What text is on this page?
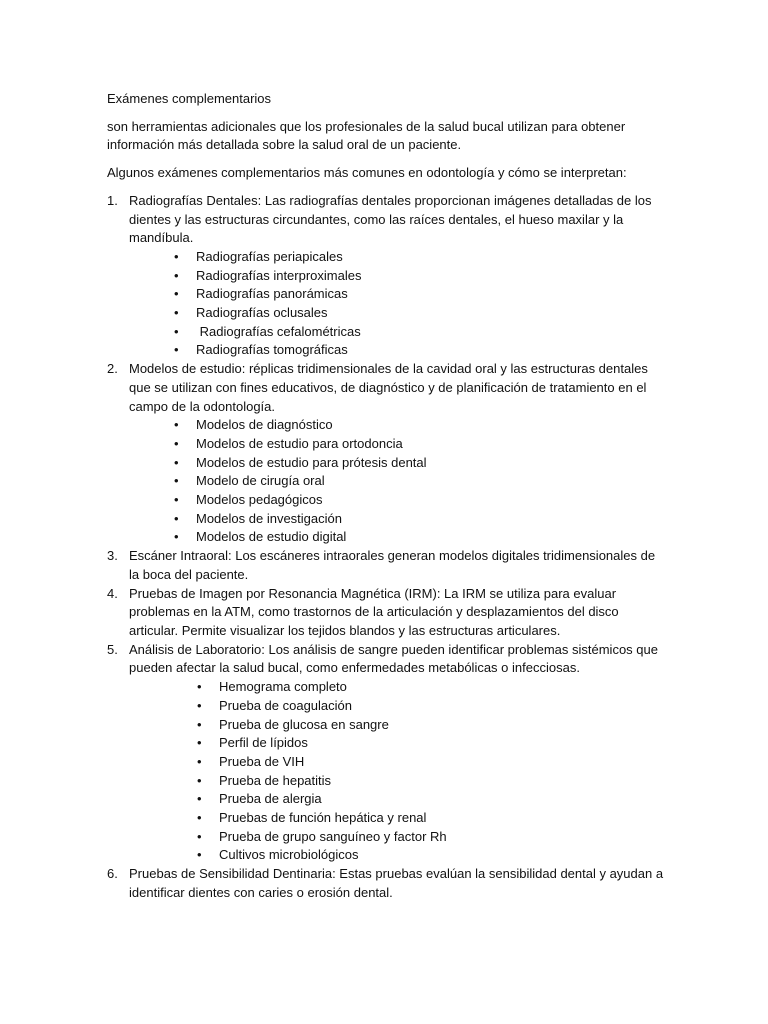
Exámenes complementarios

son herramientas adicionales que los profesionales de la salud bucal utilizan para obtener información más detallada sobre la salud oral de un paciente.

Algunos exámenes complementarios más comunes en odontología y cómo se interpretan:

1. Radiografías Dentales: Las radiografías dentales proporcionan imágenes detalladas de los dientes y las estructuras circundantes, como las raíces dentales, el hueso maxilar y la mandíbula.
• Radiografías periapicales
• Radiografías interproximales
• Radiografías panorámicas
• Radiografías oclusales
• Radiografías cefalométricas
• Radiografías tomográficas
2. Modelos de estudio: réplicas tridimensionales de la cavidad oral y las estructuras dentales que se utilizan con fines educativos, de diagnóstico y de planificación de tratamiento en el campo de la odontología.
• Modelos de diagnóstico
• Modelos de estudio para ortodoncia
• Modelos de estudio para prótesis dental
• Modelo de cirugía oral
• Modelos pedagógicos
• Modelos de investigación
• Modelos de estudio digital
3. Escáner Intraoral: Los escáneres intraorales generan modelos digitales tridimensionales de la boca del paciente.
4. Pruebas de Imagen por Resonancia Magnética (IRM): La IRM se utiliza para evaluar problemas en la ATM, como trastornos de la articulación y desplazamientos del disco articular. Permite visualizar los tejidos blandos y las estructuras articulares.
5. Análisis de Laboratorio: Los análisis de sangre pueden identificar problemas sistémicos que pueden afectar la salud bucal, como enfermedades metabólicas o infecciosas.
• Hemograma completo
• Prueba de coagulación
• Prueba de glucosa en sangre
• Perfil de lípidos
• Prueba de VIH
• Prueba de hepatitis
• Prueba de alergia
• Pruebas de función hepática y renal
• Prueba de grupo sanguíneo y factor Rh
• Cultivos microbiológicos
6. Pruebas de Sensibilidad Dentinaria: Estas pruebas evalúan la sensibilidad dental y ayudan a identificar dientes con caries o erosión dental.
